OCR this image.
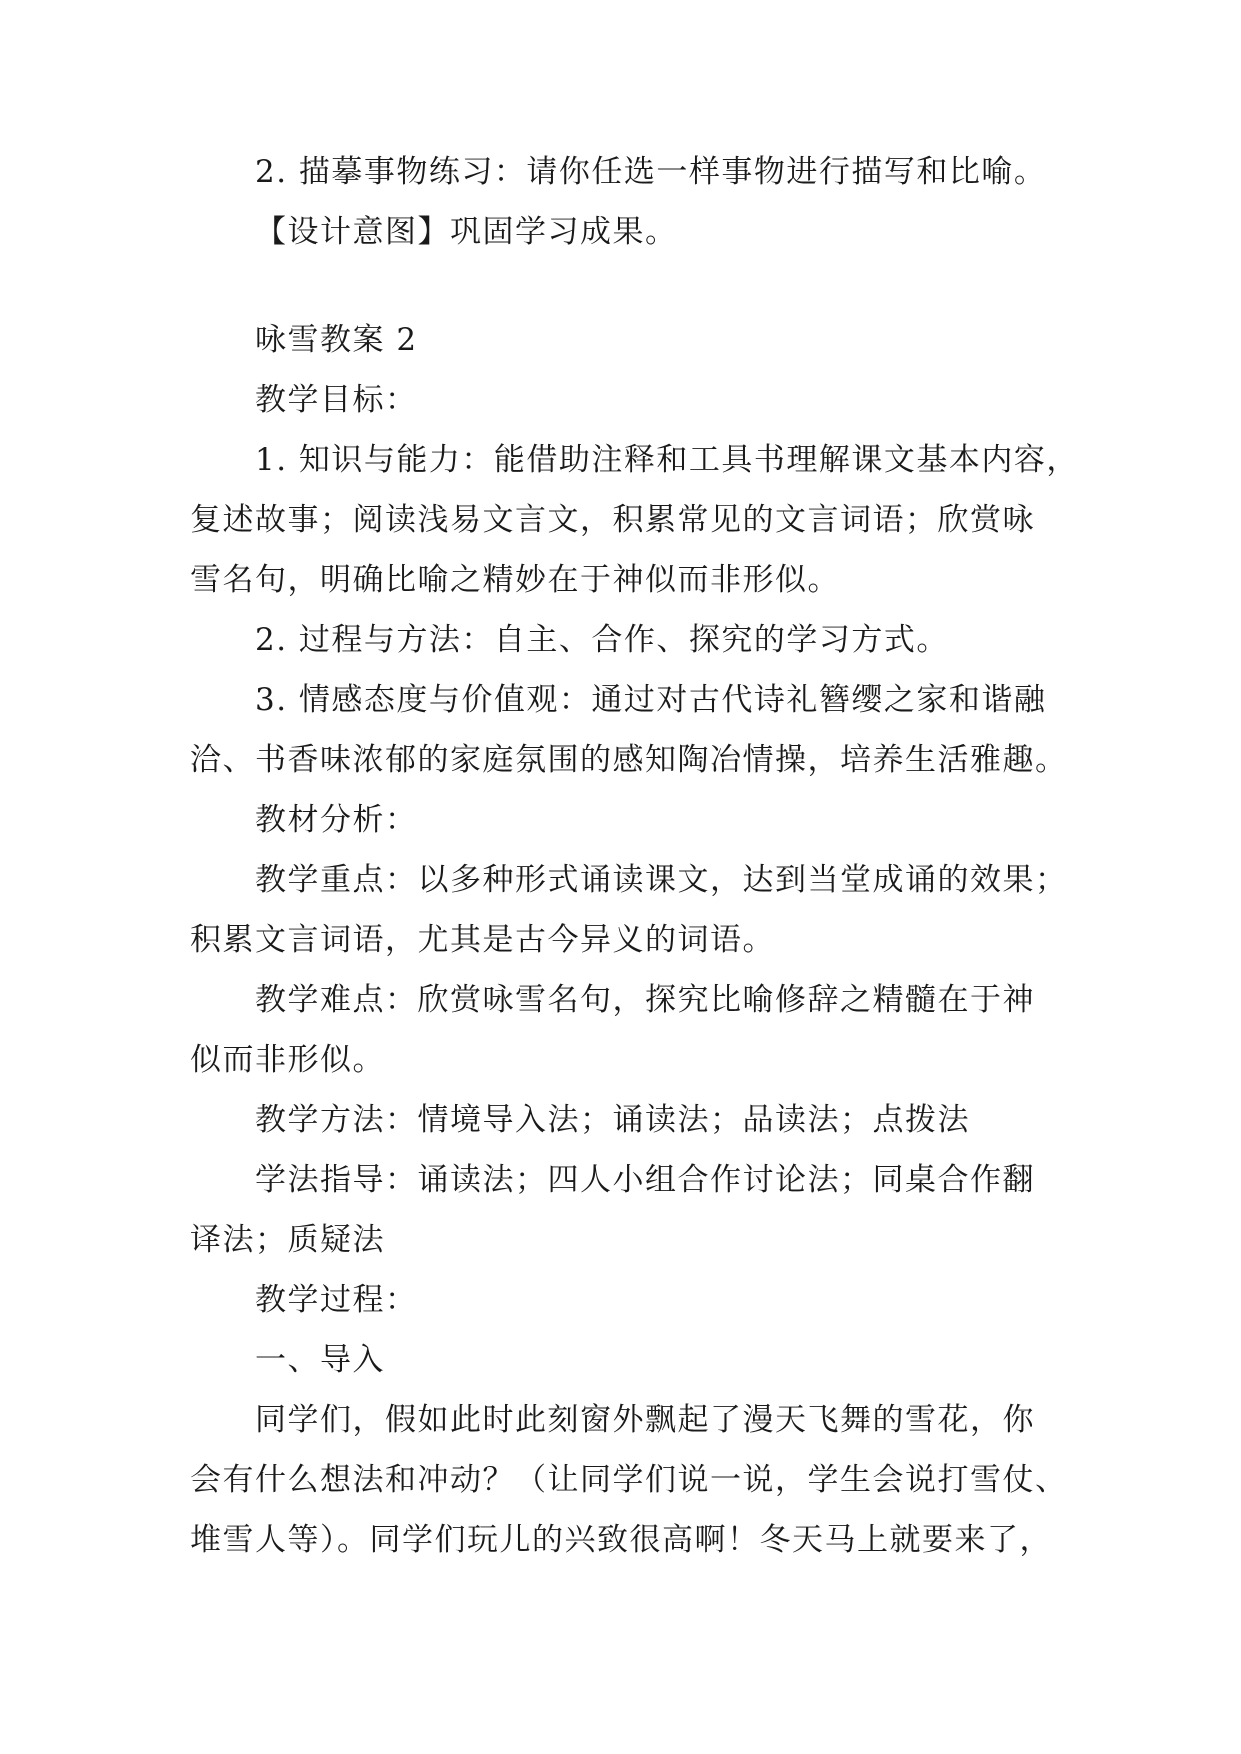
2. 描摹事物练习：请你任选一样事物进行描写和比喻。
【设计意图】巩固学习成果。
咏雪教案 2
教学目标：
1. 知识与能力：能借助注释和工具书理解课文基本内容，
复述故事；阅读浅易文言文，积累常见的文言词语；欣赏咏
雪名句，明确比喻之精妙在于神似而非形似。
2. 过程与方法：自主、合作、探究的学习方式。
3. 情感态度与价值观：通过对古代诗礼簪缨之家和谐融
洽、书香味浓郁的家庭氛围的感知陶冶情操，培养生活雅趣。
教材分析：
教学重点：以多种形式诵读课文，达到当堂成诵的效果；
积累文言词语，尤其是古今异义的词语。
教学难点：欣赏咏雪名句，探究比喻修辞之精髓在于神
似而非形似。
教学方法：情境导入法；诵读法；品读法；点拨法
学法指导：诵读法；四人小组合作讨论法；同桌合作翻
译法；质疑法
教学过程：
一、导入
同学们，假如此时此刻窗外飘起了漫天飞舞的雪花，你
会有什么想法和冲动？（让同学们说一说，学生会说打雪仗、
堆雪人等）。同学们玩儿的兴致很高啊！冬天马上就要来了，
